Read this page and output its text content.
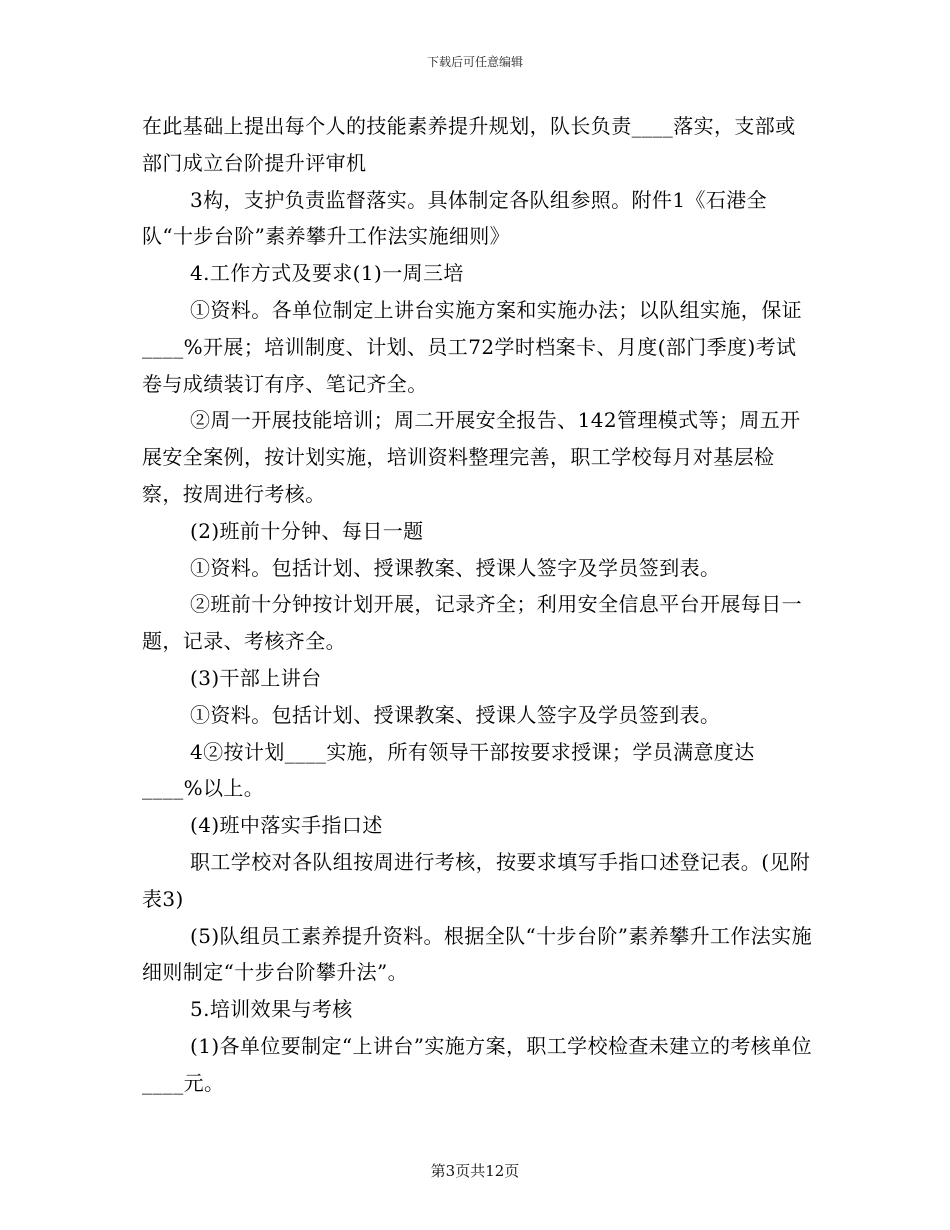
下载后可任意编辑

在此基础上提出每个人的技能素养提升规划，队长负责____落实，支部或部门成立台阶提升评审机

3构，支护负责监督落实。具体制定各队组参照。附件1《石港全队“十步台阶”素养攀升工作法实施细则》

4.工作方式及要求(1)一周三培

①资料。各单位制定上讲台实施方案和实施办法；以队组实施，保证____%开展；培训制度、计划、员工72学时档案卡、月度(部门季度)考试卷与成绩装订有序、笔记齐全。

②周一开展技能培训；周二开展安全报告、142管理模式等；周五开展安全案例，按计划实施，培训资料整理完善，职工学校每月对基层检察，按周进行考核。

(2)班前十分钟、每日一题

①资料。包括计划、授课教案、授课人签字及学员签到表。

②班前十分钟按计划开展，记录齐全；利用安全信息平台开展每日一题，记录、考核齐全。

(3)干部上讲台

①资料。包括计划、授课教案、授课人签字及学员签到表。

4②按计划____实施，所有领导干部按要求授课；学员满意度达____%以上。

(4)班中落实手指口述

职工学校对各队组按周进行考核，按要求填写手指口述登记表。(见附表3)

(5)队组员工素养提升资料。根据全队“十步台阶”素养攀升工作法实施细则制定“十步台阶攀升法”。

5.培训效果与考核

(1)各单位要制定“上讲台”实施方案，职工学校检查未建立的考核单位____元。

第3页共12页
